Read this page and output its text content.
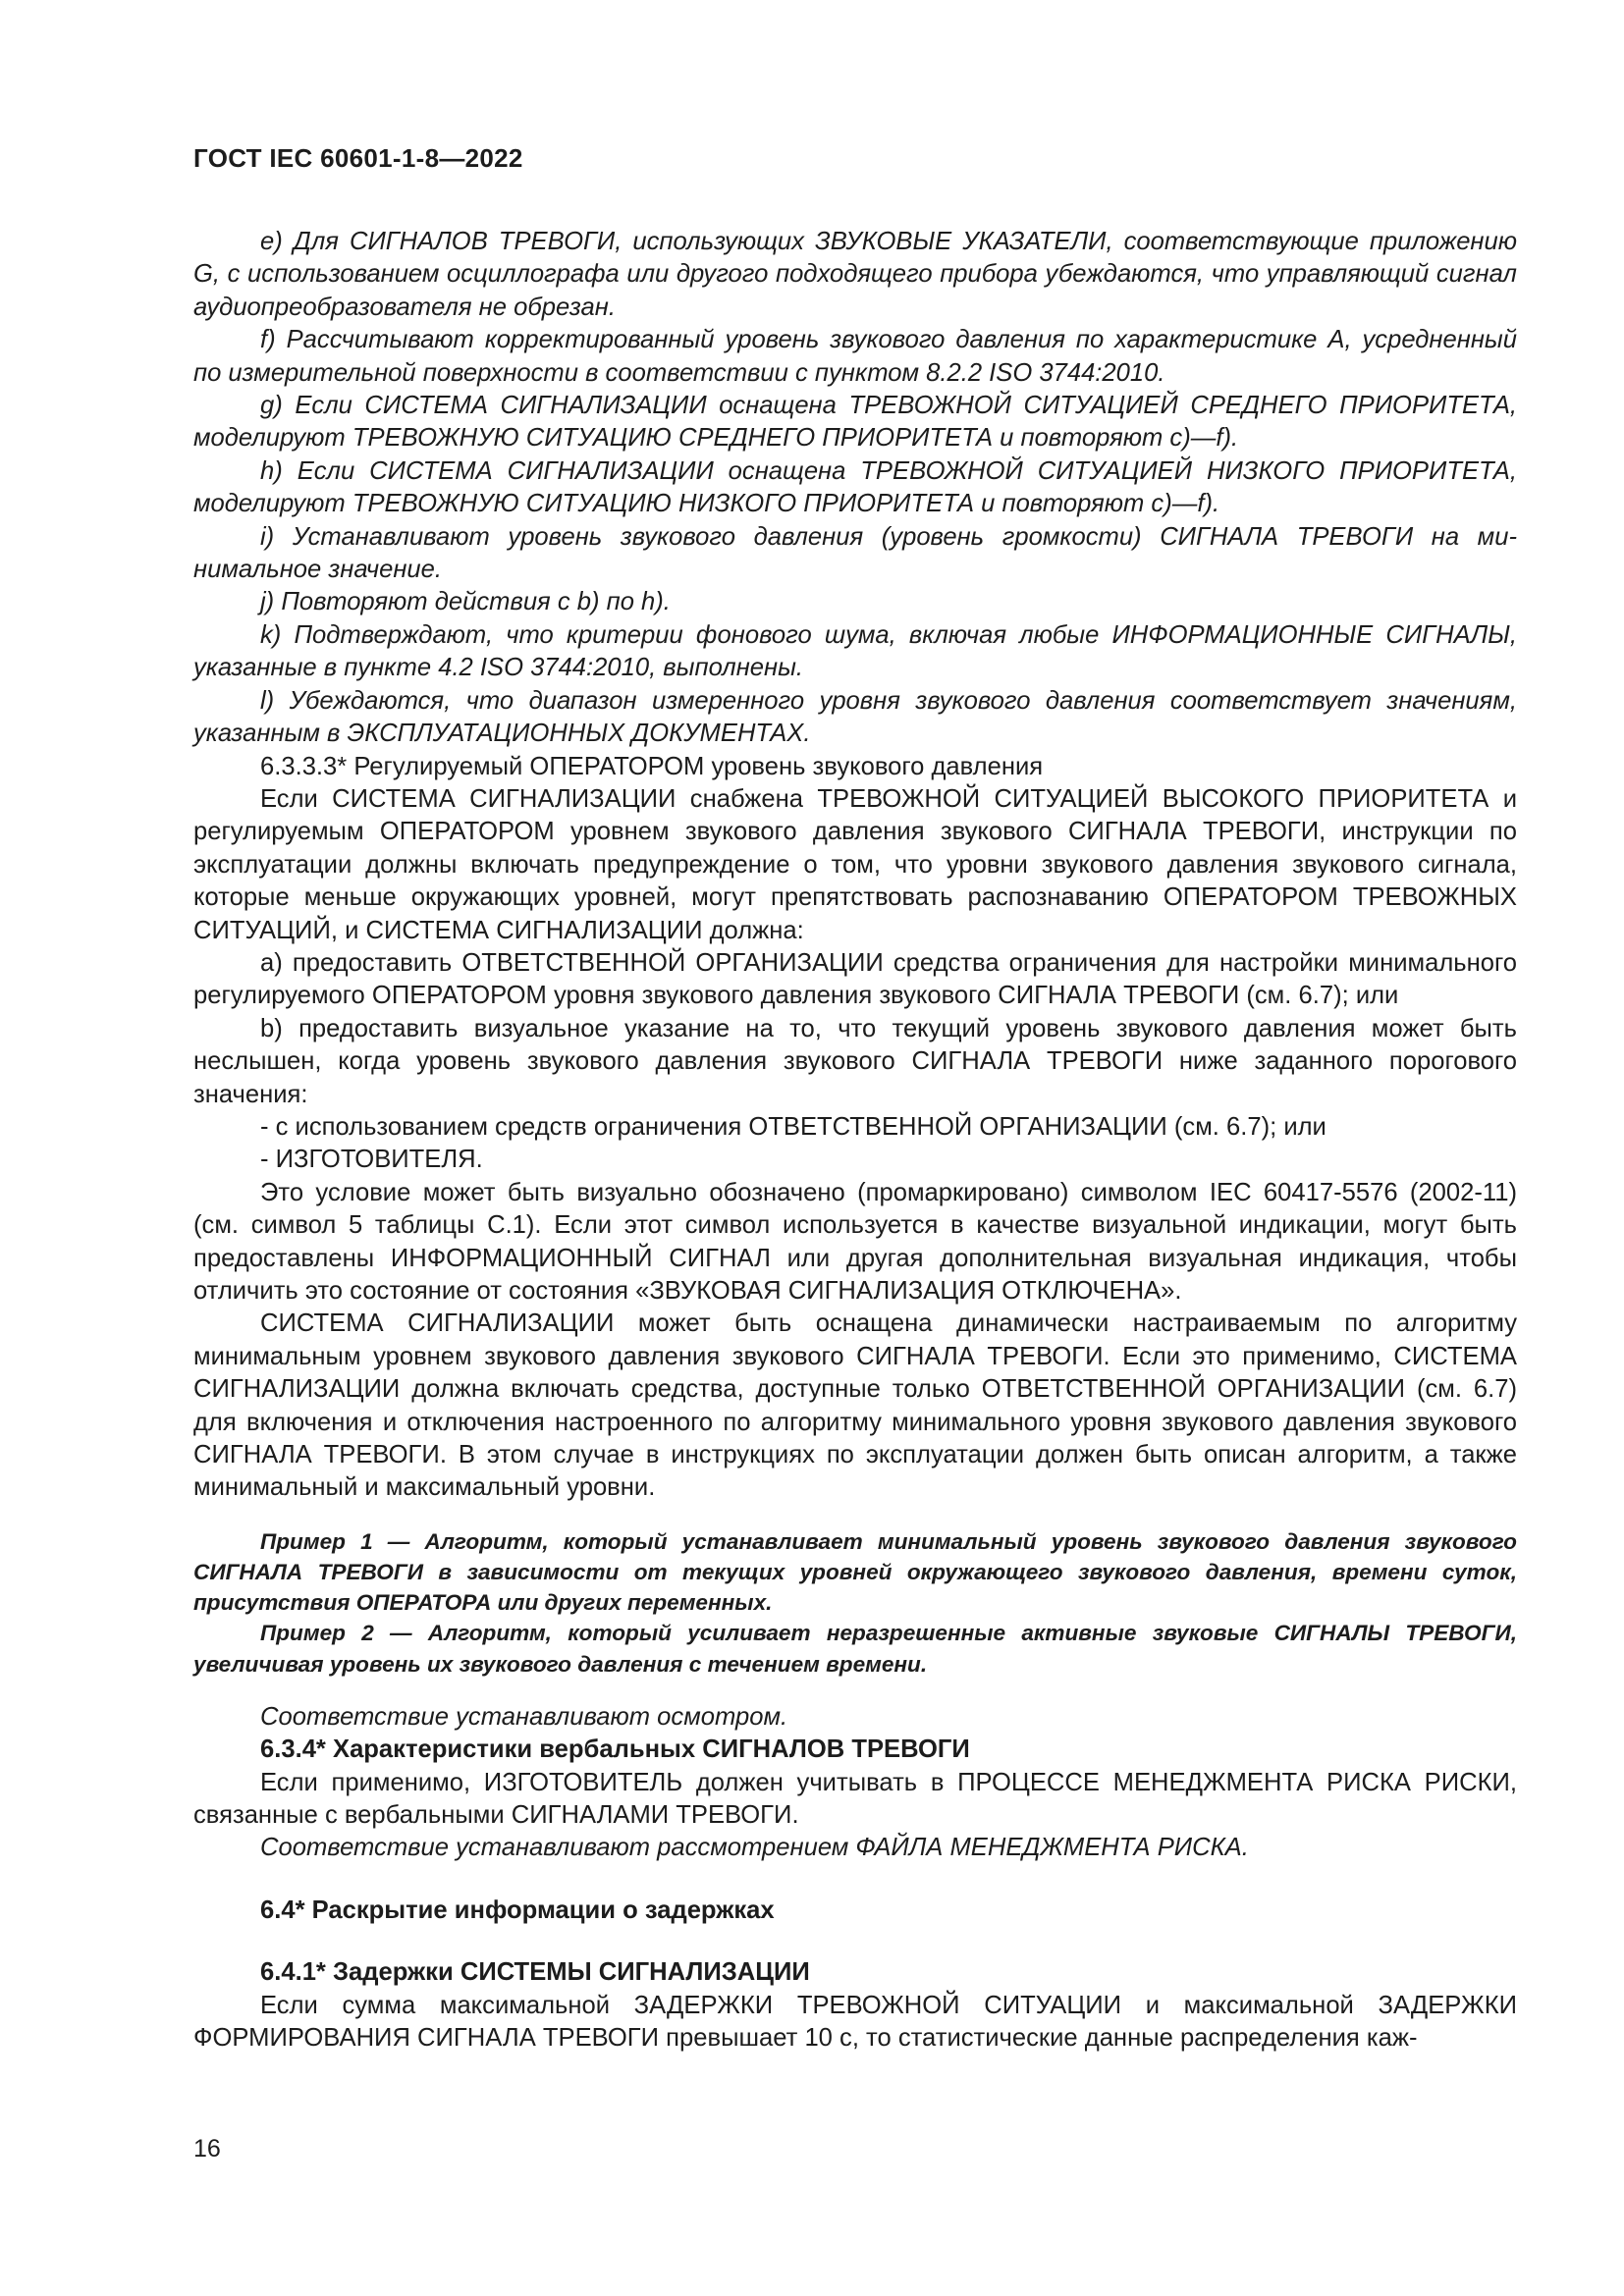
ГОСТ IEC 60601-1-8—2022

e) Для СИГНАЛОВ ТРЕВОГИ, использующих ЗВУКОВЫЕ УКАЗАТЕЛИ, соответствующие приложению G, с использованием осциллографа или другого подходящего прибора убеждаются, что управляющий сигнал аудиопреобразователя не обрезан.

f) Рассчитывают корректированный уровень звукового давления по характеристике А, усредненный по измерительной поверхности в соответствии с пунктом 8.2.2 ISO 3744:2010.

g) Если СИСТЕМА СИГНАЛИЗАЦИИ оснащена ТРЕВОЖНОЙ СИТУАЦИЕЙ СРЕДНЕГО ПРИОРИТЕТА, моделируют ТРЕВОЖНУЮ СИТУАЦИЮ СРЕДНЕГО ПРИОРИТЕТА и повторяют с)—f).

h) Если СИСТЕМА СИГНАЛИЗАЦИИ оснащена ТРЕВОЖНОЙ СИТУАЦИЕЙ НИЗКОГО ПРИОРИТЕТА, моделируют ТРЕВОЖНУЮ СИТУАЦИЮ НИЗКОГО ПРИОРИТЕТА и повторяют с)—f).

i) Устанавливают уровень звукового давления (уровень громкости) СИГНАЛА ТРЕВОГИ на минимальное значение.

j) Повторяют действия с b) по h).

k) Подтверждают, что критерии фонового шума, включая любые ИНФОРМАЦИОННЫЕ СИГНАЛЫ, указанные в пункте 4.2 ISO 3744:2010, выполнены.

l) Убеждаются, что диапазон измеренного уровня звукового давления соответствует значениям, указанным в ЭКСПЛУАТАЦИОННЫХ ДОКУМЕНТАХ.

6.3.3.3* Регулируемый ОПЕРАТОРОМ уровень звукового давления

Если СИСТЕМА СИГНАЛИЗАЦИИ снабжена ТРЕВОЖНОЙ СИТУАЦИЕЙ ВЫСОКОГО ПРИОРИТЕТА и регулируемым ОПЕРАТОРОМ уровнем звукового давления звукового СИГНАЛА ТРЕВОГИ, инструкции по эксплуатации должны включать предупреждение о том, что уровни звукового давления звукового сигнала, которые меньше окружающих уровней, могут препятствовать распознаванию ОПЕРАТОРОМ ТРЕВОЖНЫХ СИТУАЦИЙ, и СИСТЕМА СИГНАЛИЗАЦИИ должна:

a) предоставить ОТВЕТСТВЕННОЙ ОРГАНИЗАЦИИ средства ограничения для настройки минимального регулируемого ОПЕРАТОРОМ уровня звукового давления звукового СИГНАЛА ТРЕВОГИ (см. 6.7); или

b) предоставить визуальное указание на то, что текущий уровень звукового давления может быть неслышен, когда уровень звукового давления звукового СИГНАЛА ТРЕВОГИ ниже заданного порогового значения:

- с использованием средств ограничения ОТВЕТСТВЕННОЙ ОРГАНИЗАЦИИ (см. 6.7); или

- ИЗГОТОВИТЕЛЯ.

Это условие может быть визуально обозначено (промаркировано) символом IEC 60417-5576 (2002-11) (см. символ 5 таблицы С.1). Если этот символ используется в качестве визуальной индикации, могут быть предоставлены ИНФОРМАЦИОННЫЙ СИГНАЛ или другая дополнительная визуальная индикация, чтобы отличить это состояние от состояния «ЗВУКОВАЯ СИГНАЛИЗАЦИЯ ОТКЛЮЧЕНА».

СИСТЕМА СИГНАЛИЗАЦИИ может быть оснащена динамически настраиваемым по алгоритму минимальным уровнем звукового давления звукового СИГНАЛА ТРЕВОГИ. Если это применимо, СИСТЕМА СИГНАЛИЗАЦИИ должна включать средства, доступные только ОТВЕТСТВЕННОЙ ОРГАНИЗАЦИИ (см. 6.7) для включения и отключения настроенного по алгоритму минимального уровня звукового давления звукового СИГНАЛА ТРЕВОГИ. В этом случае в инструкциях по эксплуатации должен быть описан алгоритм, а также минимальный и максимальный уровни.

Пример 1 — Алгоритм, который устанавливает минимальный уровень звукового давления звукового СИГНАЛА ТРЕВОГИ в зависимости от текущих уровней окружающего звукового давления, времени суток, присутствия ОПЕРАТОРА или других переменных.

Пример 2 — Алгоритм, который усиливает неразрешенные активные звуковые СИГНАЛЫ ТРЕВОГИ, увеличивая уровень их звукового давления с течением времени.

Соответствие устанавливают осмотром.

6.3.4* Характеристики вербальных СИГНАЛОВ ТРЕВОГИ

Если применимо, ИЗГОТОВИТЕЛЬ должен учитывать в ПРОЦЕССЕ МЕНЕДЖМЕНТА РИСКА РИСКИ, связанные с вербальными СИГНАЛАМИ ТРЕВОГИ.

Соответствие устанавливают рассмотрением ФАЙЛА МЕНЕДЖМЕНТА РИСКА.

6.4* Раскрытие информации о задержках

6.4.1* Задержки СИСТЕМЫ СИГНАЛИЗАЦИИ

Если сумма максимальной ЗАДЕРЖКИ ТРЕВОЖНОЙ СИТУАЦИИ и максимальной ЗАДЕРЖКИ ФОРМИРОВАНИЯ СИГНАЛА ТРЕВОГИ превышает 10 с, то статистические данные распределения каж-

16
